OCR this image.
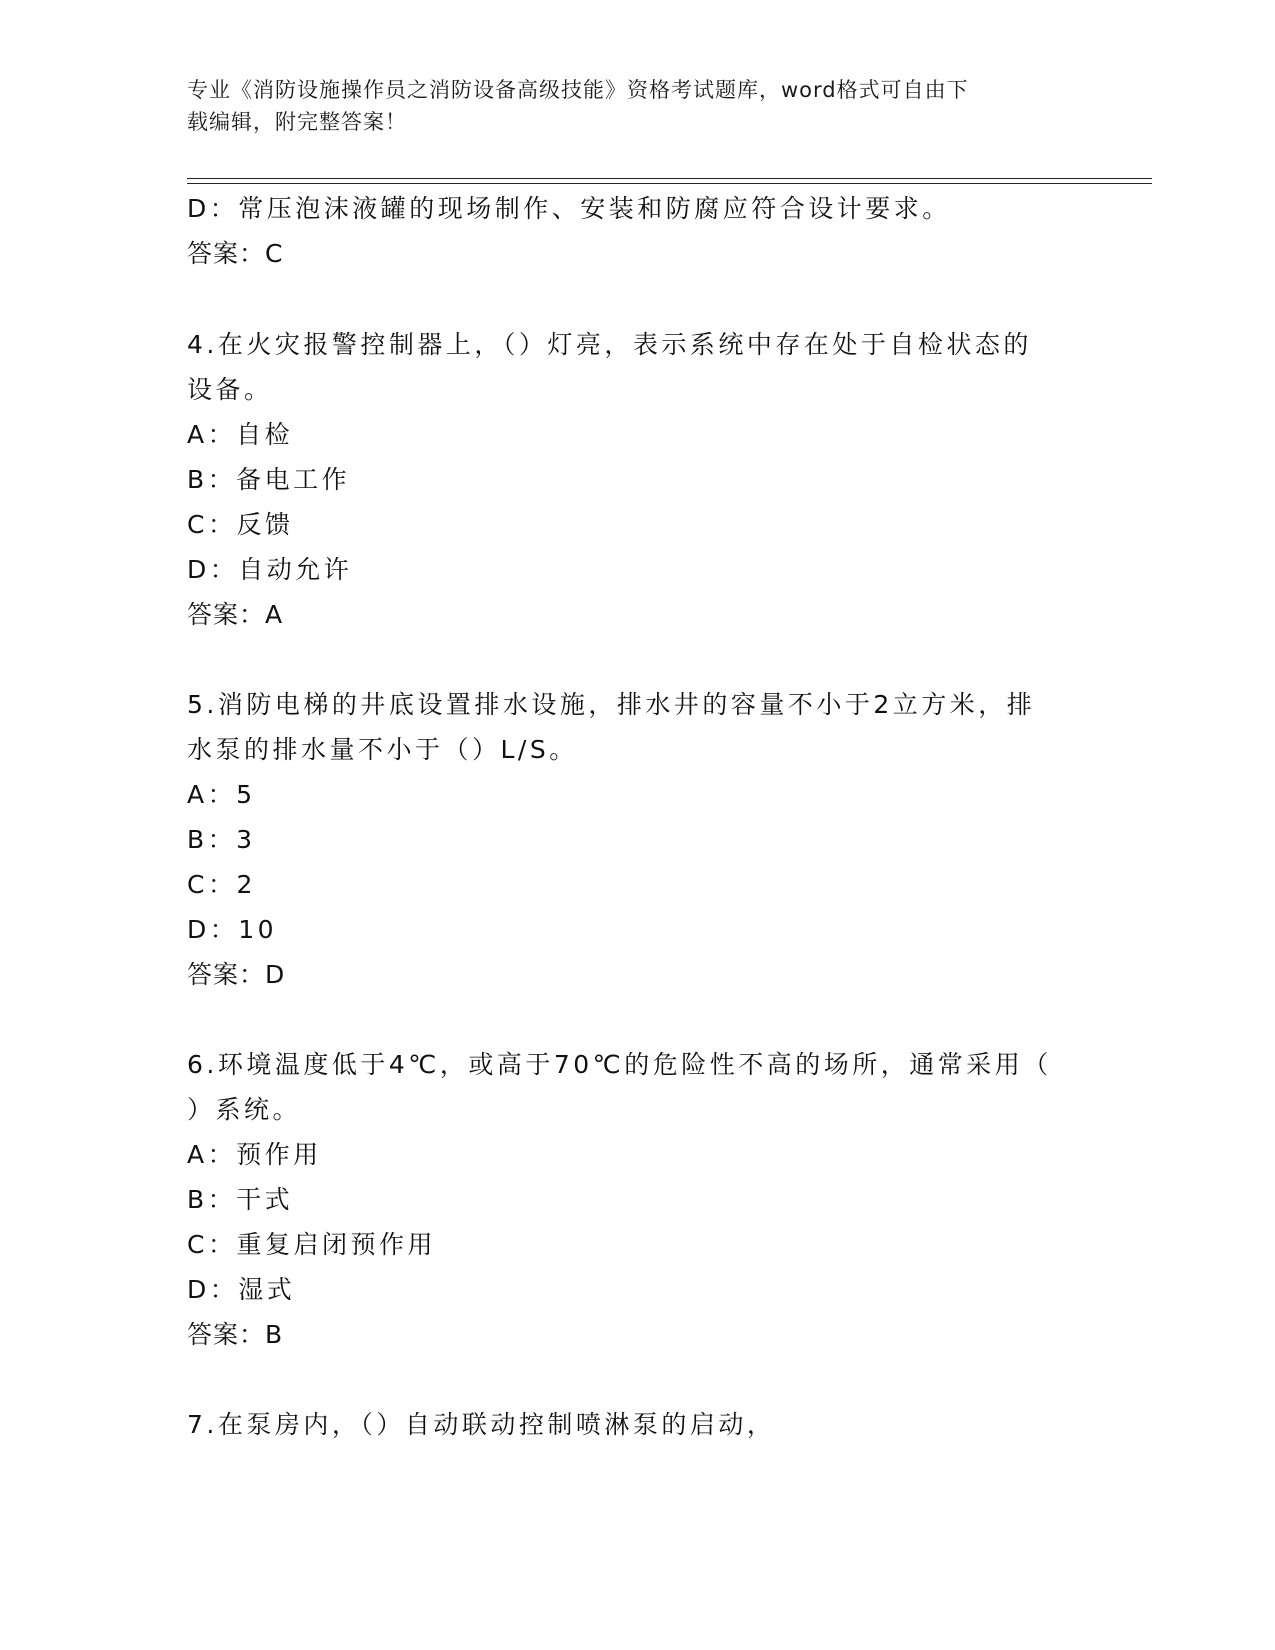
专业《消防设施操作员之消防设备高级技能》资格考试题库，word格式可自由下
载编辑，附完整答案！
D：常压泡沫液罐的现场制作、安装和防腐应符合设计要求。
答案：C
4.在火灾报警控制器上，（）灯亮，表示系统中存在处于自检状态的
设备。
A：自检
B：备电工作
C：反馈
D：自动允许
答案：A
5.消防电梯的井底设置排水设施，排水井的容量不小于2立方米，排
水泵的排水量不小于（）L/S。
A：5
B：3
C：2
D：10
答案：D
6.环境温度低于4℃，或高于70℃的危险性不高的场所，通常采用（
）系统。
A：预作用
B：干式
C：重复启闭预作用
D：湿式
答案：B
7.在泵房内，（）自动联动控制喷淋泵的启动，
